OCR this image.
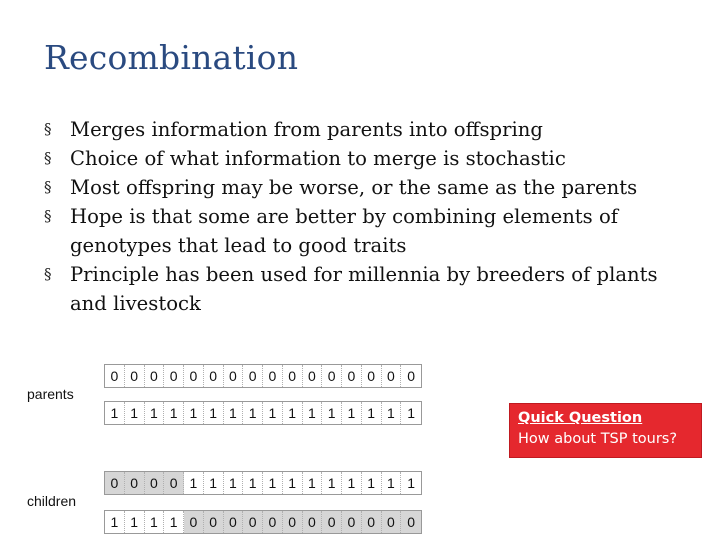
Recombination
§ Merges information from parents into offspring
§ Choice of what information to merge is stochastic
§ Most offspring may be worse, or the same as the parents
§ Hope is that some are better by combining elements of genotypes that lead to good traits
§ Principle has been used for millennia by breeders of plants and livestock
parents
children
0 0 0 0 0 0 0 0 0 0 0 0 0 0 0 0
1 1 1 1 1 1 1 1 1 1 1 1 1 1 1 1
0 0 0 0 1 1 1 1 1 1 1 1 1 1 1 1
1 1 1 1 0 0 0 0 0 0 0 0 0 0 0 0
Quick Question
How about TSP tours?
